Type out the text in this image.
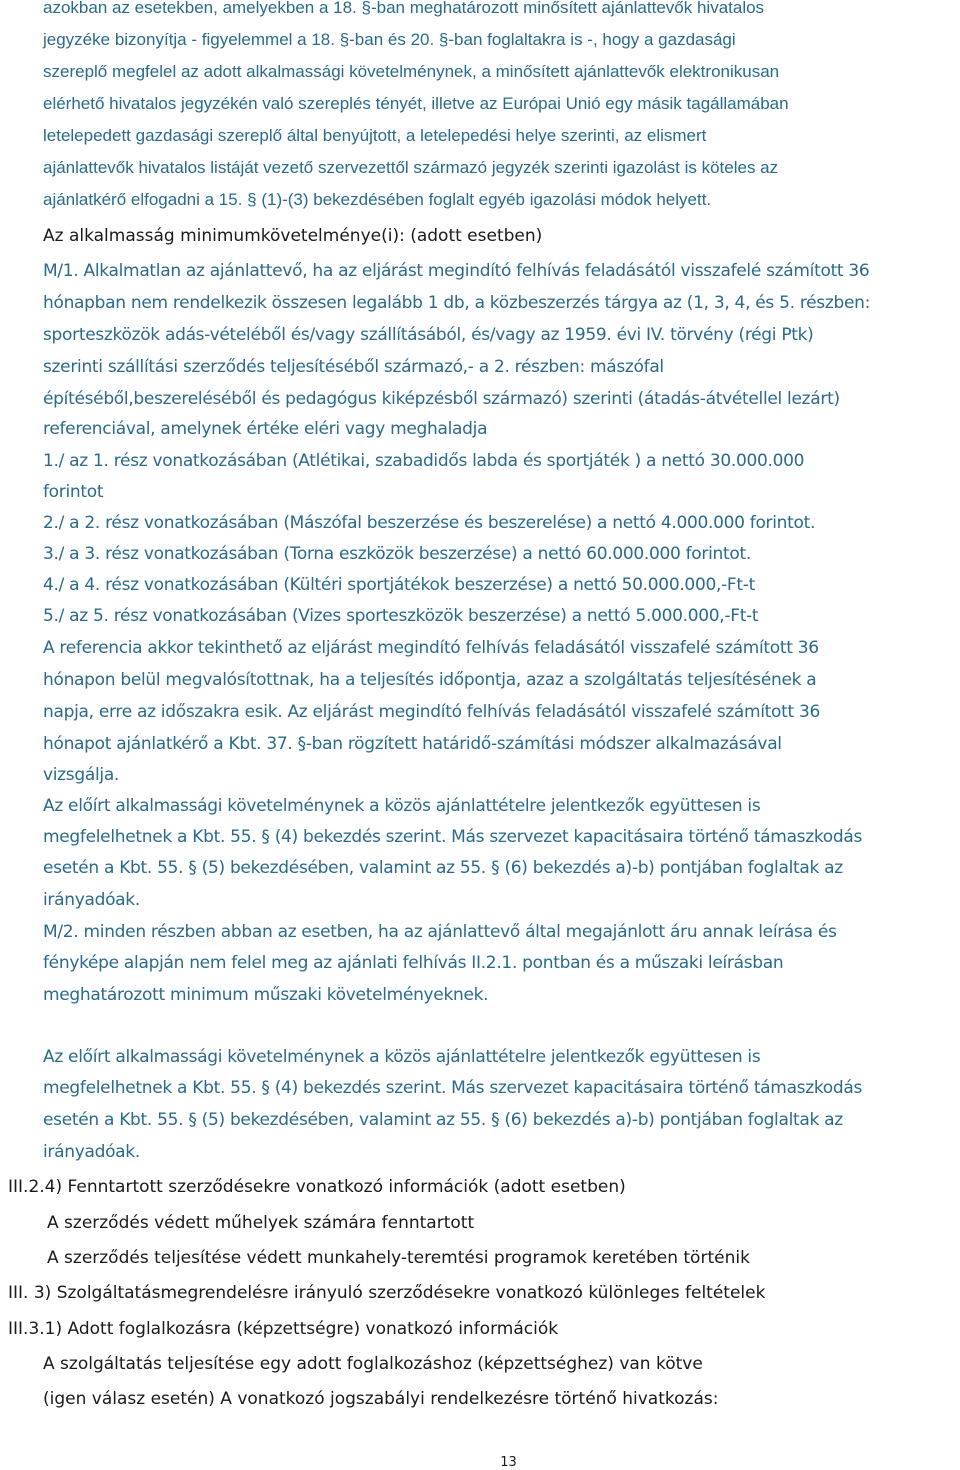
azokban az esetekben, amelyekben a 18. §-ban meghatározott minősített ajánlattevők hivatalos
jegyzéke bizonyítja - figyelemmel a 18. §-ban és 20. §-ban foglaltakra is -, hogy a gazdasági
szereplő megfelel az adott alkalmassági követelménynek, a minősített ajánlattevők elektronikusan
elérhető hivatalos jegyzékén való szereplés tényét, illetve az Európai Unió egy másik tagállamában
letelepedett gazdasági szereplő által benyújtott, a letelepedési helye szerinti, az elismert
ajánlattevők hivatalos listáját vezető szervezettől származó jegyzék szerinti igazolást is köteles az
ajánlatkérő elfogadni a 15. § (1)-(3) bekezdésében foglalt egyéb igazolási módok helyett.
Az alkalmasság minimumkövetelménye(i): (adott esetben)
M/1. Alkalmatlan az ajánlattevő, ha az eljárást megindító felhívás feladásától visszafelé számított 36
hónapban nem rendelkezik összesen legalább 1 db, a közbeszerzés tárgya az (1, 3, 4, és 5. részben:
sporteszközök adás-vételéből és/vagy szállításából, és/vagy az 1959. évi IV. törvény (régi Ptk)
szerinti szállítási szerződés teljesítéséből származó,- a 2. részben: mászófal
építéséből,beszereléséből és pedagógus kiképzésből származó) szerinti (átadás-átvétellel lezárt)
referenciával, amelynek értéke eléri vagy meghaladja
1./ az 1. rész vonatkozásában (Atlétikai, szabadidős labda és sportjáték ) a nettó 30.000.000
forintot
2./ a 2. rész vonatkozásában (Mászófal beszerzése és beszerelése) a nettó 4.000.000 forintot.
3./ a 3. rész vonatkozásában (Torna eszközök beszerzése) a nettó 60.000.000 forintot.
4./ a 4. rész vonatkozásában (Kültéri sportjátékok beszerzése) a nettó 50.000.000,-Ft-t
5./ az 5. rész vonatkozásában (Vizes sporteszközök beszerzése) a nettó 5.000.000,-Ft-t
A referencia akkor tekinthető az eljárást megindító felhívás feladásától visszafelé számított 36
hónapon belül megvalósítottnak, ha a teljesítés időpontja, azaz a szolgáltatás teljesítésének a
napja, erre az időszakra esik. Az eljárást megindító felhívás feladásától visszafelé számított 36
hónapot ajánlatkérő a Kbt. 37. §-ban rögzített határidő-számítási módszer alkalmazásával
vizsgálja.
Az előírt alkalmassági követelménynek a közös ajánlattételre jelentkezők együttesen is
megfelelhetnek a Kbt. 55. § (4) bekezdés szerint. Más szervezet kapacitásaira történő támaszkodás
esetén a Kbt. 55. § (5) bekezdésében, valamint az 55. § (6) bekezdés a)-b) pontjában foglaltak az
irányadóak.
M/2. minden részben abban az esetben, ha az ajánlattevő által megajánlott áru annak leírása és
fényképe alapján nem felel meg az ajánlati felhívás II.2.1. pontban és a műszaki leírásban
meghatározott minimum műszaki követelményeknek.
Az előírt alkalmassági követelménynek a közös ajánlattételre jelentkezők együttesen is
megfelelhetnek a Kbt. 55. § (4) bekezdés szerint. Más szervezet kapacitásaira történő támaszkodás
esetén a Kbt. 55. § (5) bekezdésében, valamint az 55. § (6) bekezdés a)-b) pontjában foglaltak az
irányadóak.
III.2.4) Fenntartott szerződésekre vonatkozó információk (adott esetben)
A szerződés védett műhelyek számára fenntartott
A szerződés teljesítése védett munkahely-teremtési programok keretében történik
III. 3) Szolgáltatásmegrendelésre irányuló szerződésekre vonatkozó különleges feltételek
III.3.1) Adott foglalkozásra (képzettségre) vonatkozó információk
A szolgáltatás teljesítése egy adott foglalkozáshoz (képzettséghez) van kötve
(igen válasz esetén) A vonatkozó jogszabályi rendelkezésre történő hivatkozás:
13
